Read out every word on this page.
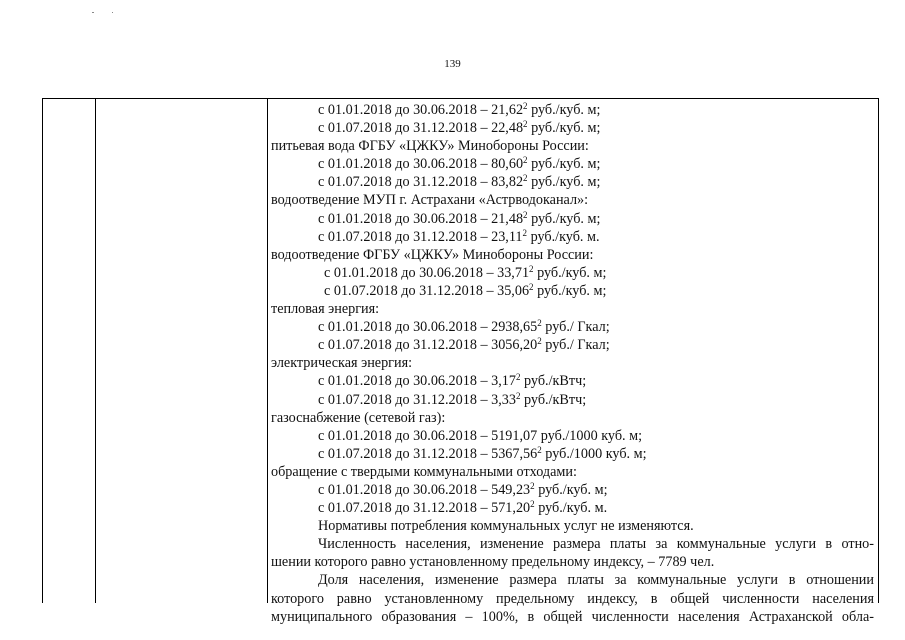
139
с 01.01.2018 до 30.06.2018 – 21,62$^2$ руб./куб. м;
с 01.07.2018 до 31.12.2018 – 22,48$^2$ руб./куб. м;
питьевая вода ФГБУ «ЦЖКУ» Минобороны России:
с 01.01.2018 до 30.06.2018 – 80,60$^2$ руб./куб. м;
с 01.07.2018 до 31.12.2018 – 83,82$^2$ руб./куб. м;
водоотведение МУП г. Астрахани «Астрводоканал»:
с 01.01.2018 до 30.06.2018 – 21,48$^2$ руб./куб. м;
с 01.07.2018 до 31.12.2018 – 23,11$^2$ руб./куб. м.
водоотведение ФГБУ «ЦЖКУ» Минобороны России:
с 01.01.2018 до 30.06.2018 – 33,71$^2$ руб./куб. м;
с 01.07.2018 до 31.12.2018 – 35,06$^2$ руб./куб. м;
тепловая энергия:
с 01.01.2018 до 30.06.2018 – 2938,65$^2$ руб./ Гкал;
с 01.07.2018 до 31.12.2018 – 3056,20$^2$ руб./ Гкал;
электрическая энергия:
с 01.01.2018 до 30.06.2018 – 3,17$^2$ руб./кВтч;
с 01.07.2018 до 31.12.2018 – 3,33$^2$ руб./кВтч;
газоснабжение (сетевой газ):
с 01.01.2018 до 30.06.2018 – 5191,07 руб./1000 куб. м;
с 01.07.2018 до 31.12.2018 – 5367,56$^2$ руб./1000 куб. м;
обращение с твердыми коммунальными отходами:
с 01.01.2018 до 30.06.2018 – 549,23$^2$ руб./куб. м;
с 01.07.2018 до 31.12.2018 – 571,20$^2$ руб./куб. м.
Нормативы потребления коммунальных услуг не изменяются.
Численность населения, изменение размера платы за коммунальные услуги в отно-
шении которого равно установленному предельному индексу, – 7789 чел.
Доля населения, изменение размера платы за коммунальные услуги в отношении
которого равно установленному предельному индексу, в общей численности населения
муниципального образования – 100%, в общей численности населения Астраханской обла-
